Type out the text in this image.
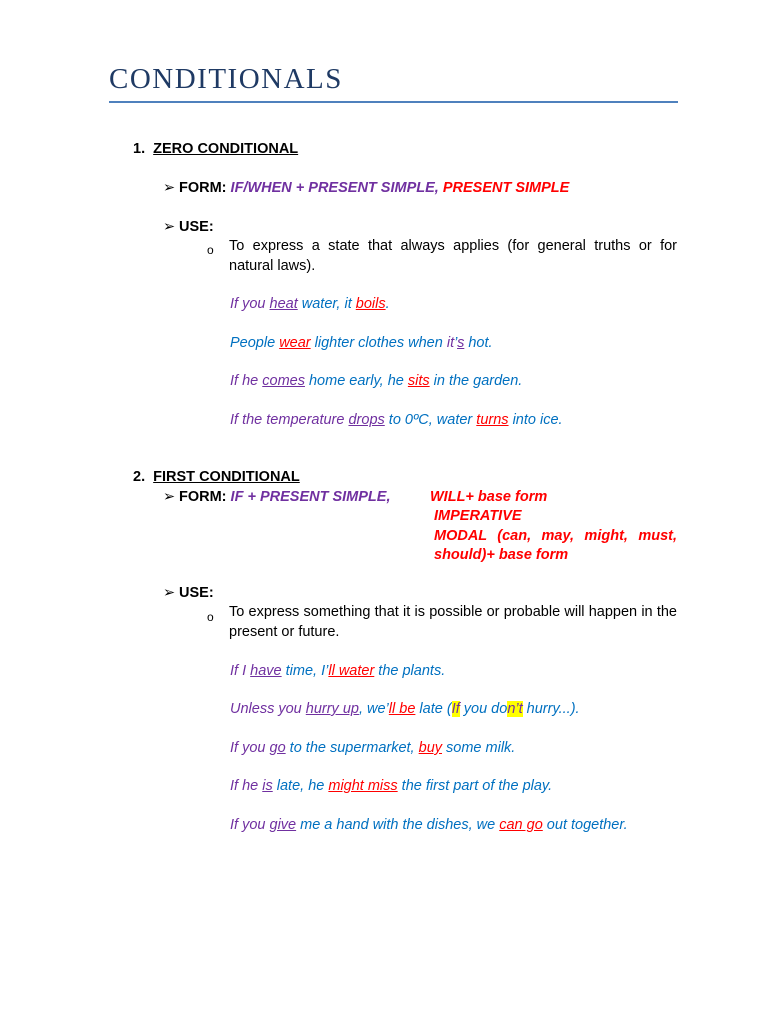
CONDITIONALS
1. ZERO CONDITIONAL
➢ FORM: IF/WHEN + PRESENT SIMPLE, PRESENT SIMPLE
➢ USE:
o To express a state that always applies (for general truths or for natural laws).
If you heat water, it boils.
People wear lighter clothes when it’s hot.
If he comes home early, he sits in the garden.
If the temperature drops to 0ºC, water turns into ice.
2. FIRST CONDITIONAL
➢ FORM: IF + PRESENT SIMPLE,	WILL+ base form
IMPERATIVE
MODAL (can, may, might, must,
should)+ base form
➢ USE:
o To express something that it is possible or probable will happen in the present or future.
If I have time, I’ll water the plants.
Unless you hurry up, we’ll be late (If you don’t hurry...).
If you go to the supermarket, buy some milk.
If he is late, he might miss the first part of the play.
If you give me a hand with the dishes, we can go out together.
